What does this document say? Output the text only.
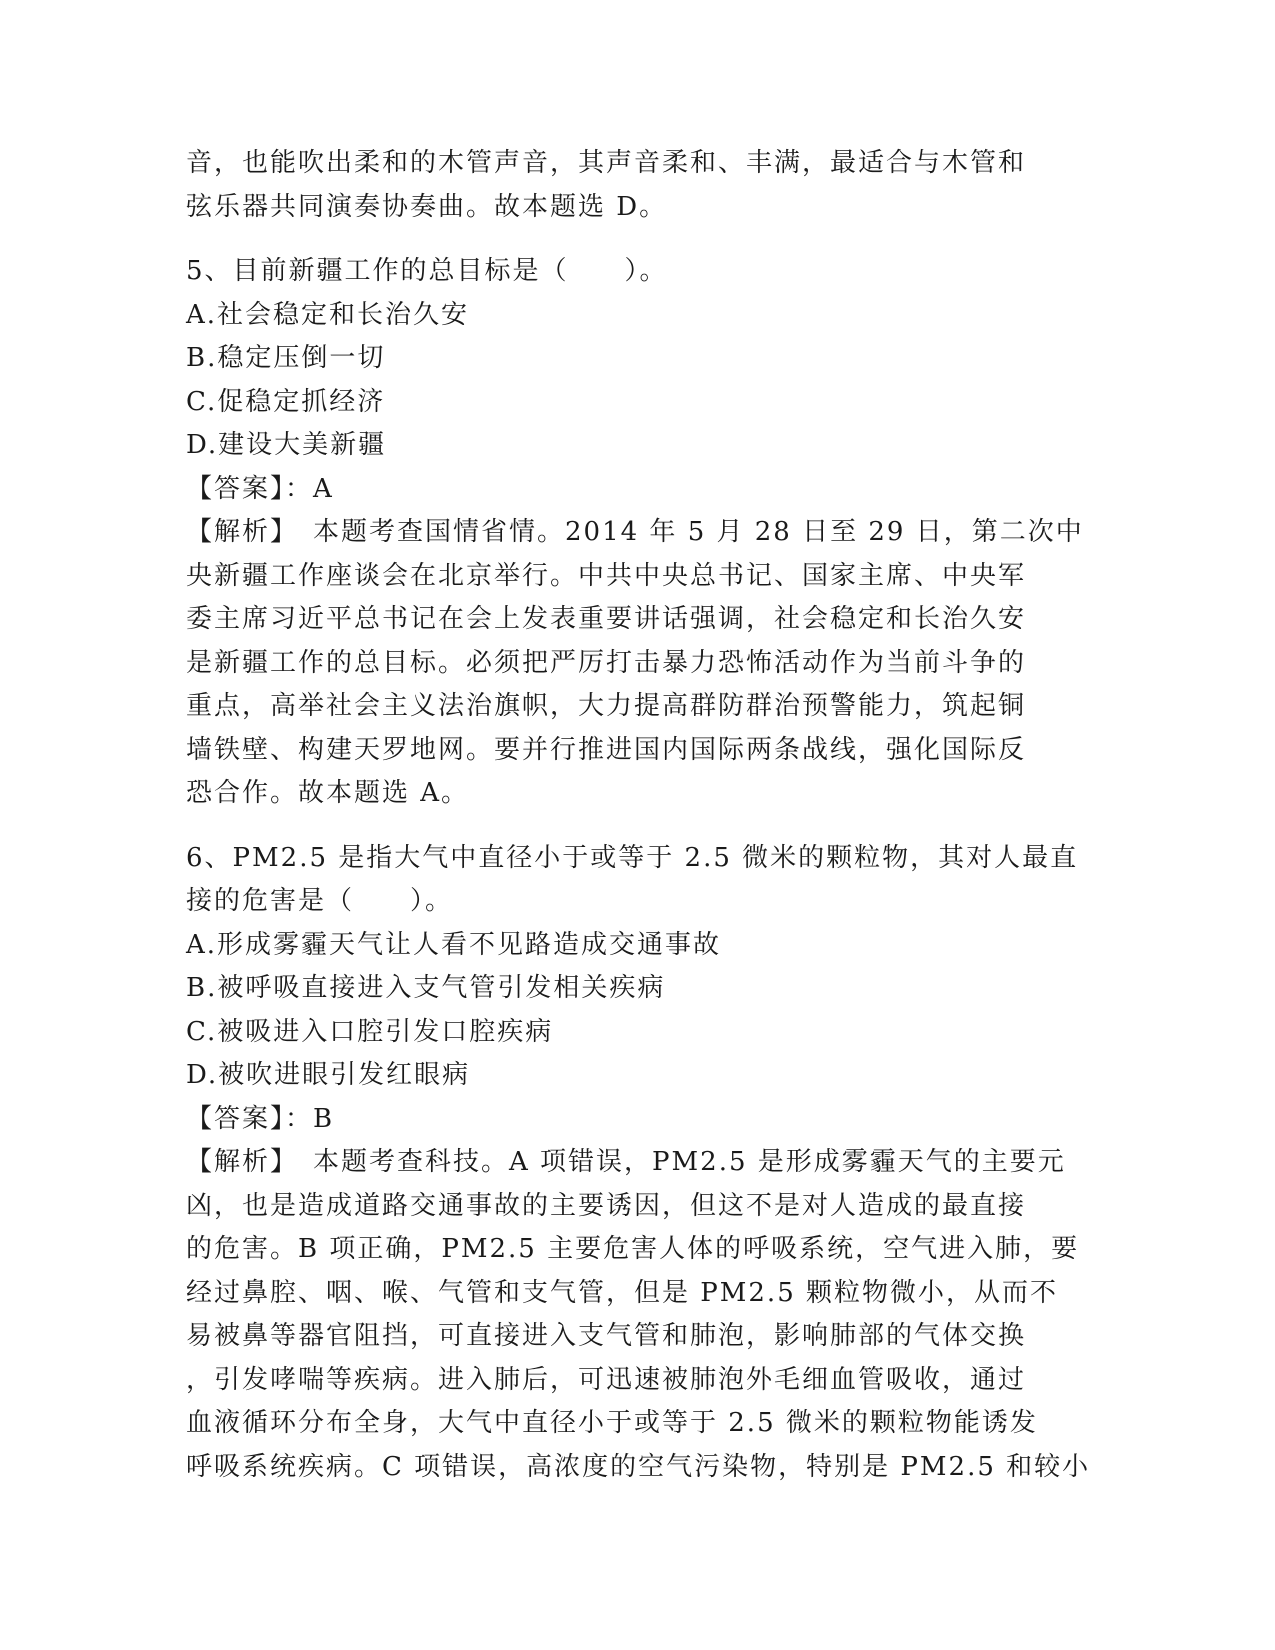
音，也能吹出柔和的木管声音，其声音柔和、丰满，最适合与木管和
弦乐器共同演奏协奏曲。故本题选 D。
5、目前新疆工作的总目标是（　　）。
A.社会稳定和长治久安
B.稳定压倒一切
C.促稳定抓经济
D.建设大美新疆
【答案】：A
【解析】　本题考查国情省情。2014 年 5 月 28 日至 29 日，第二次中
央新疆工作座谈会在北京举行。中共中央总书记、国家主席、中央军
委主席习近平总书记在会上发表重要讲话强调，社会稳定和长治久安
是新疆工作的总目标。必须把严厉打击暴力恐怖活动作为当前斗争的
重点，高举社会主义法治旗帜，大力提高群防群治预警能力，筑起铜
墙铁壁、构建天罗地网。要并行推进国内国际两条战线，强化国际反
恐合作。故本题选 A。
6、PM2.5 是指大气中直径小于或等于 2.5 微米的颗粒物，其对人最直
接的危害是（　　）。
A.形成雾霾天气让人看不见路造成交通事故
B.被呼吸直接进入支气管引发相关疾病
C.被吸进入口腔引发口腔疾病
D.被吹进眼引发红眼病
【答案】：B
【解析】　本题考查科技。A 项错误，PM2.5 是形成雾霾天气的主要元
凶，也是造成道路交通事故的主要诱因，但这不是对人造成的最直接
的危害。B 项正确，PM2.5 主要危害人体的呼吸系统，空气进入肺，要
经过鼻腔、咽、喉、气管和支气管，但是 PM2.5 颗粒物微小，从而不
易被鼻等器官阻挡，可直接进入支气管和肺泡，影响肺部的气体交换
，引发哮喘等疾病。进入肺后，可迅速被肺泡外毛细血管吸收，通过
血液循环分布全身，大气中直径小于或等于 2.5 微米的颗粒物能诱发
呼吸系统疾病。C 项错误，高浓度的空气污染物，特别是 PM2.5 和较小
